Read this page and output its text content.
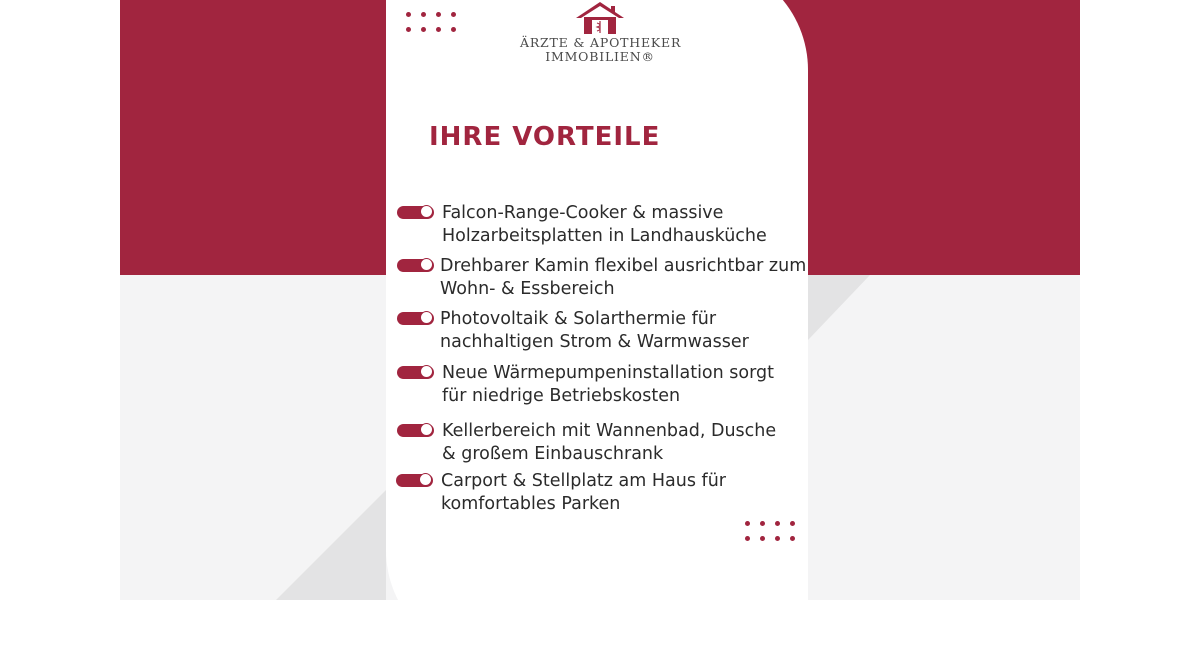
ÄRZTE & APOTHEKER
IMMOBILIEN®
IHRE VORTEILE

Falcon-Range-Cooker & massive
Holzarbeitsplatten in Landhausküche

Drehbarer Kamin flexibel ausrichtbar zum
Wohn- & Essbereich

Photovoltaik & Solarthermie für
nachhaltigen Strom & Warmwasser

Neue Wärmepumpeninstallation sorgt
für niedrige Betriebskosten

Kellerbereich mit Wannenbad, Dusche
& großem Einbauschrank

Carport & Stellplatz am Haus für
komfortables Parken
